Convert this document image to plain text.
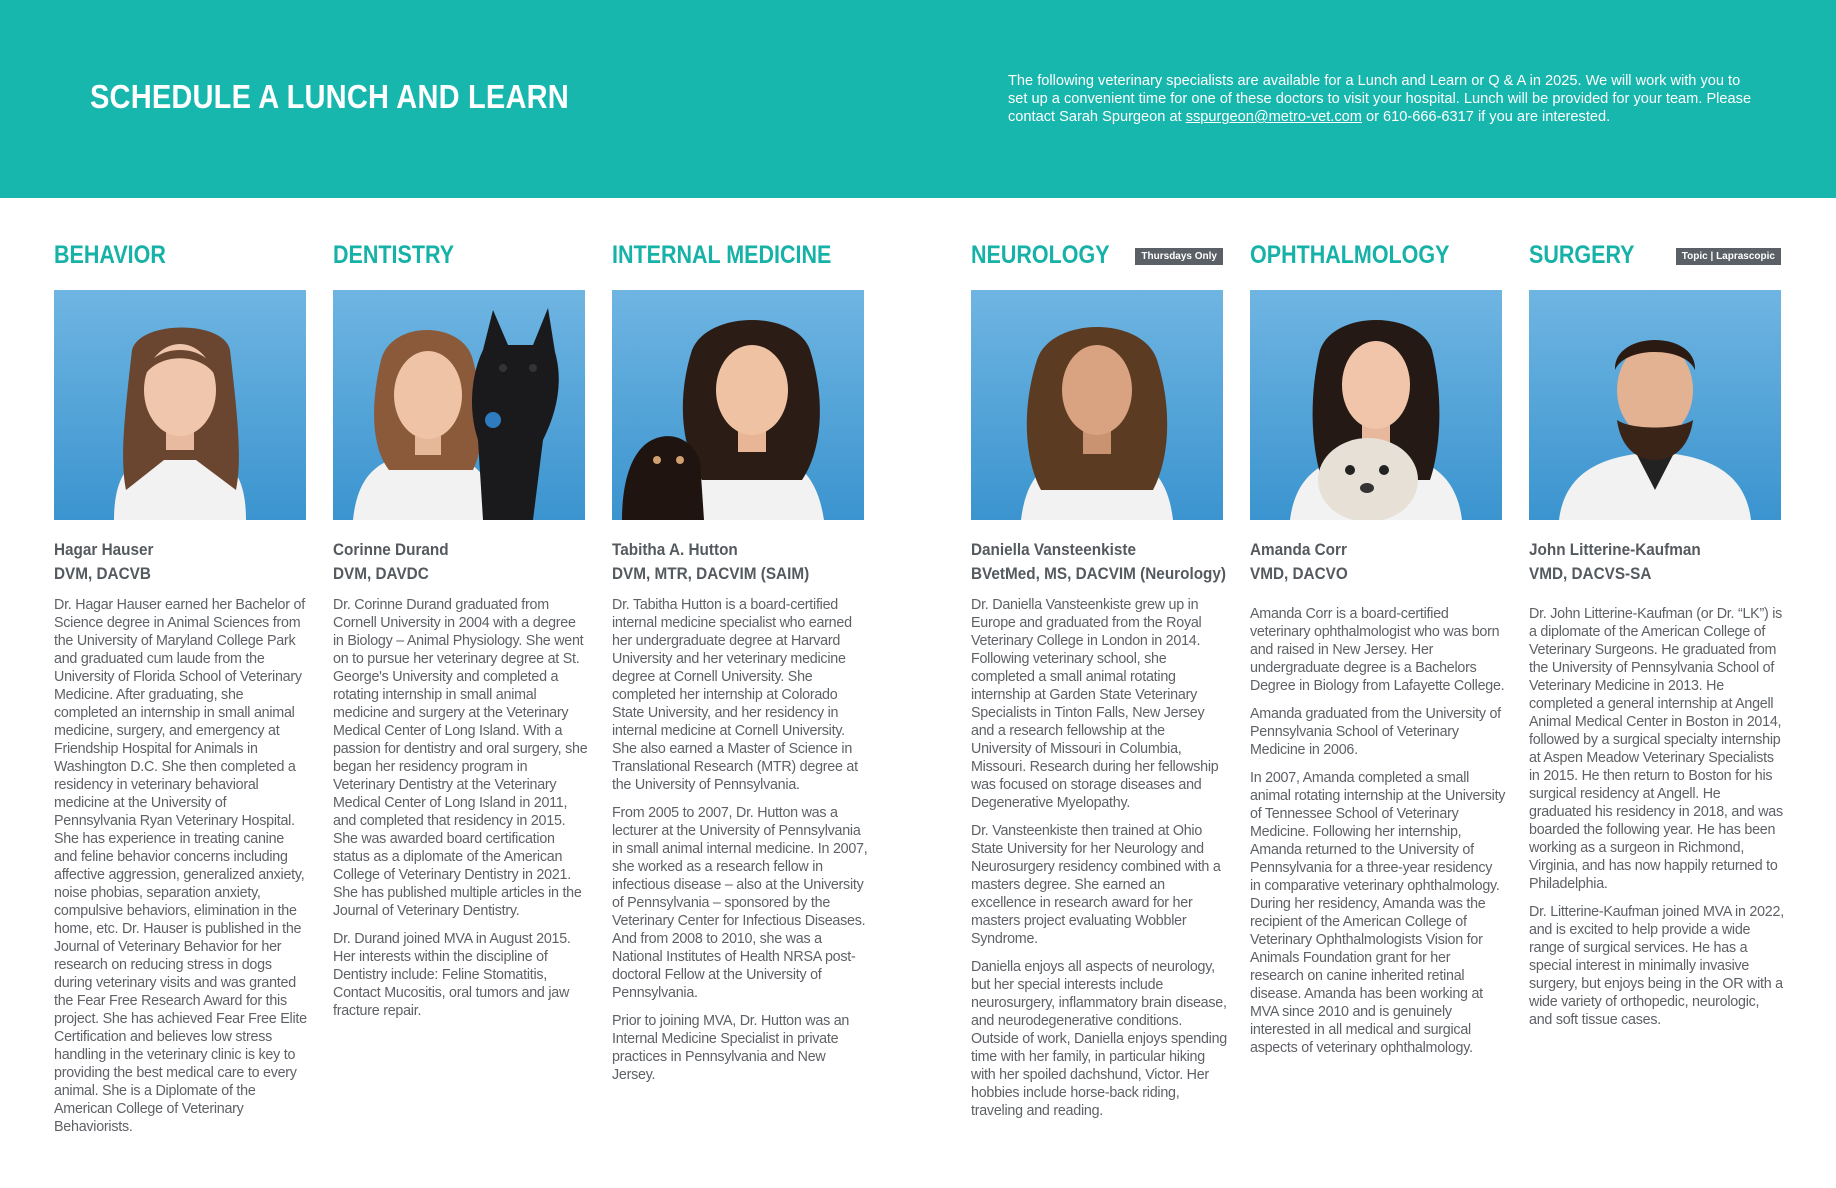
SCHEDULE A LUNCH AND LEARN	The following veterinary specialists are available for a Lunch and Learn or Q & A in 2025. We will work with you to set up a convenient time for one of these doctors to visit your hospital. Lunch will be provided for your team. Please contact Sarah Spurgeon at sspurgeon@metro-vet.com or 610-666-6317 if you are interested.

BEHAVIOR
Hagar Hauser
DVM, DACVB

Dr. Hagar Hauser earned her Bachelor of Science degree in Animal Sciences from the University of Maryland College Park and graduated cum laude from the University of Florida School of Veterinary Medicine. After graduating, she completed an internship in small animal medicine, surgery, and emergency at Friendship Hospital for Animals in Washington D.C. She then completed a residency in veterinary behavioral medicine at the University of Pennsylvania Ryan Veterinary Hospital. She has experience in treating canine and feline behavior concerns including affective aggression, generalized anxiety, noise phobias, separation anxiety, compulsive behaviors, elimination in the home, etc. Dr. Hauser is published in the Journal of Veterinary Behavior for her research on reducing stress in dogs during veterinary visits and was granted the Fear Free Research Award for this project. She has achieved Fear Free Elite Certification and believes low stress handling in the veterinary clinic is key to providing the best medical care to every animal. She is a Diplomate of the American College of Veterinary Behaviorists.

DENTISTRY
Corinne Durand
DVM, DAVDC

Dr. Corinne Durand graduated from Cornell University in 2004 with a degree in Biology – Animal Physiology. She went on to pursue her veterinary degree at St. George's University and completed a rotating internship in small animal medicine and surgery at the Veterinary Medical Center of Long Island. With a passion for dentistry and oral surgery, she began her residency program in Veterinary Dentistry at the Veterinary Medical Center of Long Island in 2011, and completed that residency in 2015. She was awarded board certification status as a diplomate of the American College of Veterinary Dentistry in 2021. She has published multiple articles in the Journal of Veterinary Dentistry.

Dr. Durand joined MVA in August 2015. Her interests within the discipline of Dentistry include: Feline Stomatitis, Contact Mucositis, oral tumors and jaw fracture repair.

INTERNAL MEDICINE
Tabitha A. Hutton
DVM, MTR, DACVIM (SAIM)

Dr. Tabitha Hutton is a board-certified internal medicine specialist who earned her undergraduate degree at Harvard University and her veterinary medicine degree at Cornell University. She completed her internship at Colorado State University, and her residency in internal medicine at Cornell University. She also earned a Master of Science in Translational Research (MTR) degree at the University of Pennsylvania.

From 2005 to 2007, Dr. Hutton was a lecturer at the University of Pennsylvania in small animal internal medicine. In 2007, she worked as a research fellow in infectious disease – also at the University of Pennsylvania – sponsored by the Veterinary Center for Infectious Diseases. And from 2008 to 2010, she was a National Institutes of Health NRSA post-doctoral Fellow at the University of Pennsylvania.

Prior to joining MVA, Dr. Hutton was an Internal Medicine Specialist in private practices in Pennsylvania and New Jersey.

NEUROLOGY	Thursdays Only
Daniella Vansteenkiste
BVetMed, MS, DACVIM (Neurology)

Dr. Daniella Vansteenkiste grew up in Europe and graduated from the Royal Veterinary College in London in 2014. Following veterinary school, she completed a small animal rotating internship at Garden State Veterinary Specialists in Tinton Falls, New Jersey and a research fellowship at the University of Missouri in Columbia, Missouri. Research during her fellowship was focused on storage diseases and Degenerative Myelopathy.

Dr. Vansteenkiste then trained at Ohio State University for her Neurology and Neurosurgery residency combined with a masters degree. She earned an excellence in research award for her masters project evaluating Wobbler Syndrome.

Daniella enjoys all aspects of neurology, but her special interests include neurosurgery, inflammatory brain disease, and neurodegenerative conditions. Outside of work, Daniella enjoys spending time with her family, in particular hiking with her spoiled dachshund, Victor. Her hobbies include horse-back riding, traveling and reading.

OPHTHALMOLOGY
Amanda Corr
VMD, DACVO

Amanda Corr is a board-certified veterinary ophthalmologist who was born and raised in New Jersey. Her undergraduate degree is a Bachelors Degree in Biology from Lafayette College.

Amanda graduated from the University of Pennsylvania School of Veterinary Medicine in 2006.

In 2007, Amanda completed a small animal rotating internship at the University of Tennessee School of Veterinary Medicine. Following her internship, Amanda returned to the University of Pennsylvania for a three-year residency in comparative veterinary ophthalmology. During her residency, Amanda was the recipient of the American College of Veterinary Ophthalmologists Vision for Animals Foundation grant for her research on canine inherited retinal disease. Amanda has been working at MVA since 2010 and is genuinely interested in all medical and surgical aspects of veterinary ophthalmology.

SURGERY	Topic | Laprascopic
John Litterine-Kaufman
VMD, DACVS-SA

Dr. John Litterine-Kaufman (or Dr. “LK”) is a diplomate of the American College of Veterinary Surgeons. He graduated from the University of Pennsylvania School of Veterinary Medicine in 2013. He completed a general internship at Angell Animal Medical Center in Boston in 2014, followed by a surgical specialty internship at Aspen Meadow Veterinary Specialists in 2015. He then return to Boston for his surgical residency at Angell. He graduated his residency in 2018, and was boarded the following year. He has been working as a surgeon in Richmond, Virginia, and has now happily returned to Philadelphia.

Dr. Litterine-Kaufman joined MVA in 2022, and is excited to help provide a wide range of surgical services. He has a special interest in minimally invasive surgery, but enjoys being in the OR with a wide variety of orthopedic, neurologic, and soft tissue cases.
